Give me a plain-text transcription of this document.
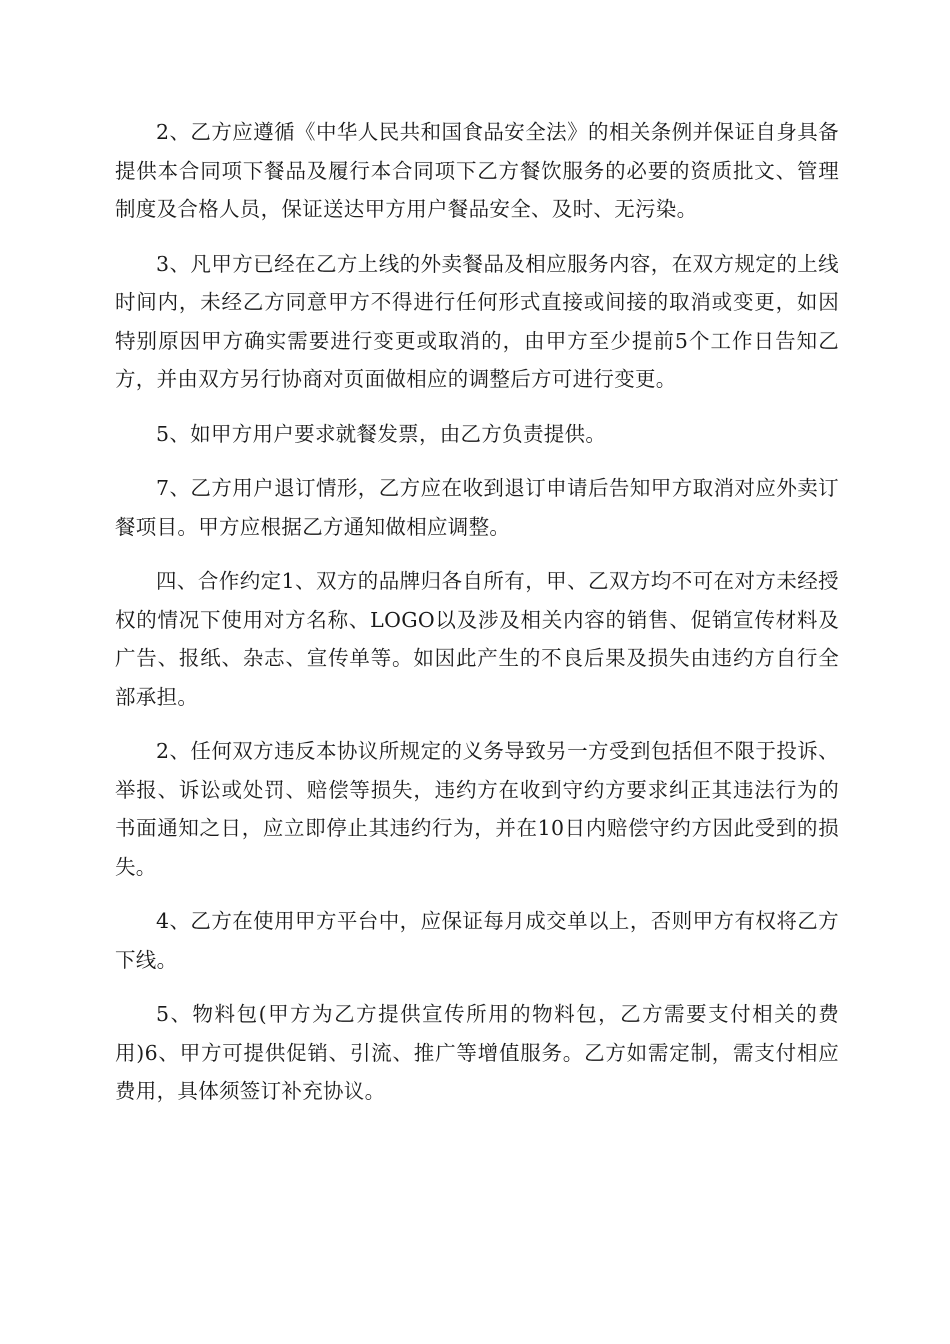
2、乙方应遵循《中华人民共和国食品安全法》的相关条例并保证自身具备提供本合同项下餐品及履行本合同项下乙方餐饮服务的必要的资质批文、管理制度及合格人员，保证送达甲方用户餐品安全、及时、无污染。

3、凡甲方已经在乙方上线的外卖餐品及相应服务内容，在双方规定的上线时间内，未经乙方同意甲方不得进行任何形式直接或间接的取消或变更，如因特别原因甲方确实需要进行变更或取消的，由甲方至少提前5个工作日告知乙方，并由双方另行协商对页面做相应的调整后方可进行变更。

5、如甲方用户要求就餐发票，由乙方负责提供。

7、乙方用户退订情形，乙方应在收到退订申请后告知甲方取消对应外卖订餐项目。甲方应根据乙方通知做相应调整。

四、合作约定1、双方的品牌归各自所有，甲、乙双方均不可在对方未经授权的情况下使用对方名称、LOGO以及涉及相关内容的销售、促销宣传材料及广告、报纸、杂志、宣传单等。如因此产生的不良后果及损失由违约方自行全部承担。

2、任何双方违反本协议所规定的义务导致另一方受到包括但不限于投诉、举报、诉讼或处罚、赔偿等损失，违约方在收到守约方要求纠正其违法行为的书面通知之日，应立即停止其违约行为，并在10日内赔偿守约方因此受到的损失。

4、乙方在使用甲方平台中，应保证每月成交单以上，否则甲方有权将乙方下线。

5、物料包(甲方为乙方提供宣传所用的物料包，乙方需要支付相关的费用)6、甲方可提供促销、引流、推广等增值服务。乙方如需定制，需支付相应费用，具体须签订补充协议。
